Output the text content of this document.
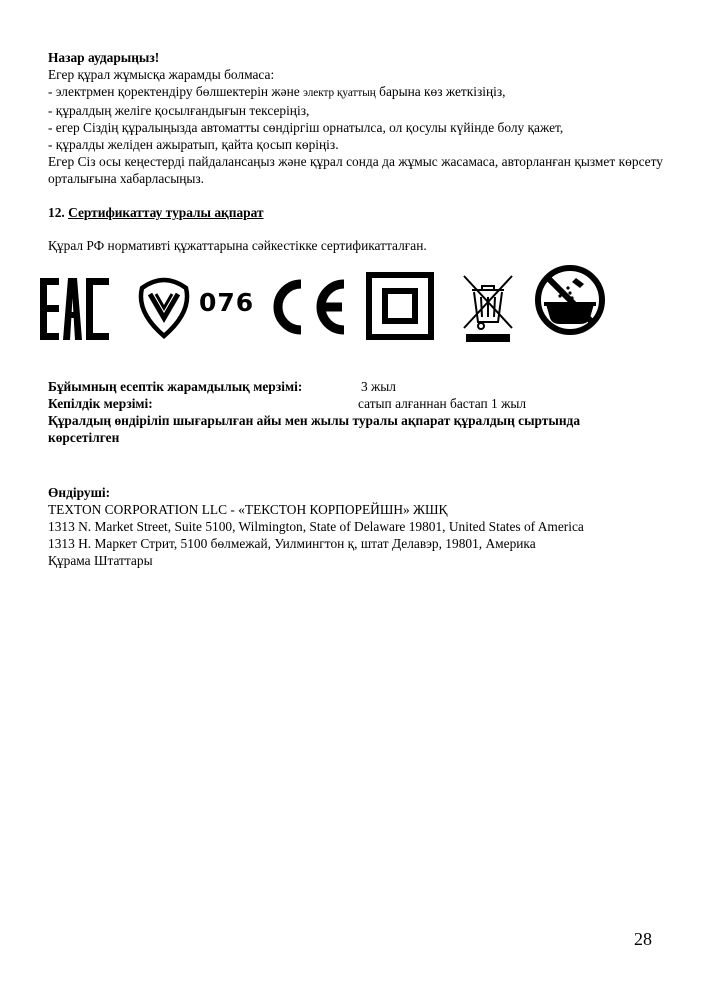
Назар аударыңыз!
Егер құрал жұмысқа жарамды болмаса:
- электрмен қоректендіру бөлшектерін және электр қуаттың барына көз жеткізіңіз,
- құралдың желіге қосылғандығын тексеріңіз,
- егер Сіздің құралыңызда автоматты сөндіргіш орнатылса, ол қосулы күйінде болу қажет,
- құралды желіден ажыратып, қайта қосып көріңіз.
Егер Сіз осы кеңестерді пайдалансаңыз және құрал сонда да жұмыс жасамаса, авторланған қызмет көрсету орталығына хабарласыңыз.
12. Сертификаттау туралы ақпарат
Құрал РФ нормативті құжаттарына сәйкестікке сертификатталған.
076
Бұйымның есептік жарамдылық мерзімі:	3 жыл
Кепілдік мерзімі:	сатып алғаннан бастап 1 жыл
Құралдың өндіріліп шығарылған айы мен жылы туралы ақпарат құралдың сыртында
көрсетілген
Өндіруші:
TEXTON CORPORATION LLC - «ТЕКСТОН КОРПОРЕЙШН» ЖШҚ
1313 N. Market Street, Suite 5100, Wilmington, State of Delaware 19801, United States of America
1313 Н. Маркет Стрит, 5100 бөлмежай, Уилмингтон қ, штат Делавэр, 19801, Америка
Құрама Штаттары
28
